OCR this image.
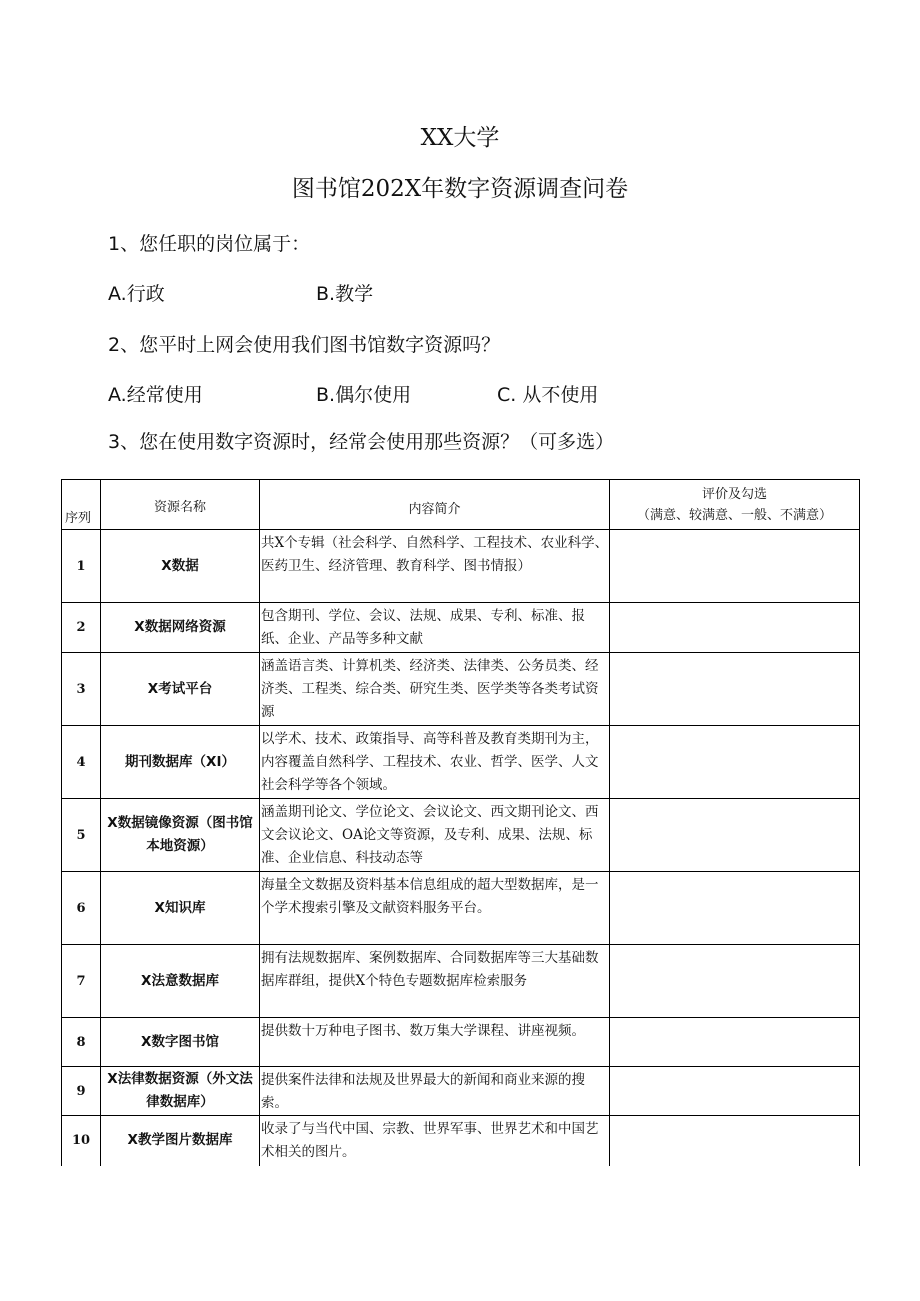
XX大学
图书馆202X年数字资源调查问卷
1、您任职的岗位属于：
A.行政	B.教学
2、您平时上网会使用我们图书馆数字资源吗？
A.经常使用	B.偶尔使用	C. 从不使用
3、您在使用数字资源时，经常会使用那些资源？（可多选）
序列	资源名称	内容简介	评价及勾选
（满意、较满意、一般、不满意）

1	X数据	共X个专辑（社会科学、自然科学、工程技术、农业科学、医药卫生、经济管理、教育科学、图书情报）	
2	X数据网络资源	包含期刊、学位、会议、法规、成果、专利、标准、报纸、企业、产品等多种文献	
3	X考试平台	涵盖语言类、计算机类、经济类、法律类、公务员类、经济类、工程类、综合类、研究生类、医学类等各类考试资源	
4	期刊数据库（XI）	以学术、技术、政策指导、高等科普及教育类期刊为主，内容覆盖自然科学、工程技术、农业、哲学、医学、人文社会科学等各个领域。	
5	X数据镜像资源（图书馆本地资源）	涵盖期刊论文、学位论文、会议论文、西文期刊论文、西文会议论文、OA论文等资源，及专利、成果、法规、标准、企业信息、科技动态等	
6	X知识库	海量全文数据及资料基本信息组成的超大型数据库，是一个学术搜索引擎及文献资料服务平台。	
7	X法意数据库	拥有法规数据库、案例数据库、合同数据库等三大基础数据库群组，提供X个特色专题数据库检索服务	
8	X数字图书馆	提供数十万种电子图书、数万集大学课程、讲座视频。	
9	X法律数据资源（外文法律数据库）	提供案件法律和法规及世界最大的新闻和商业来源的搜索。	
10	X教学图片数据库	收录了与当代中国、宗教、世界军事、世界艺术和中国艺术相关的图片。	
